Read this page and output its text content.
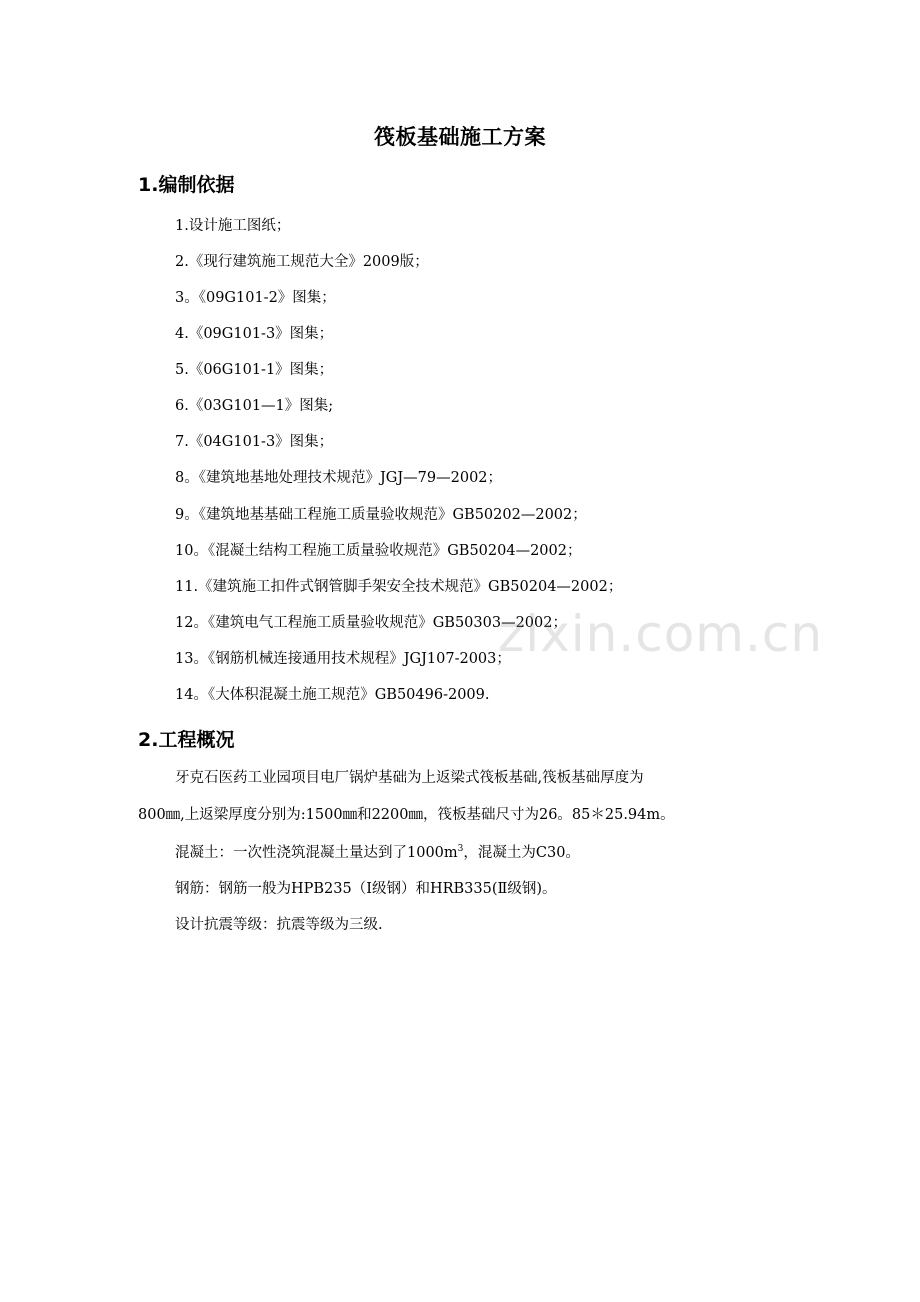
筏板基础施工方案
1.编制依据
1.设计施工图纸；
2.《现行建筑施工规范大全》2009版；
3。《09G101-2》图集；
4.《09G101-3》图集；
5.《06G101-1》图集；
6.《03G101—1》图集;
7.《04G101-3》图集；
8。《建筑地基地处理技术规范》JGJ—79—2002；
9。《建筑地基基础工程施工质量验收规范》GB50202—2002；
10。《混凝土结构工程施工质量验收规范》GB50204—2002；
11.《建筑施工扣件式钢管脚手架安全技术规范》GB50204—2002；
12。《建筑电气工程施工质量验收规范》GB50303—2002；
13。《钢筋机械连接通用技术规程》JGJ107-2003；
14。《大体积混凝土施工规范》GB50496-2009.
2.工程概况
牙克石医药工业园项目电厂锅炉基础为上返梁式筏板基础,筏板基础厚度为
800㎜,上返梁厚度分别为:1500㎜和2200㎜，筏板基础尺寸为26。85＊25.94m。
混凝土：一次性浇筑混凝土量达到了$1000m^3$，混凝土为C30。
钢筋：钢筋一般为HPB235（Ⅰ级钢）和HRB335(Ⅱ级钢)。
设计抗震等级：抗震等级为三级.
zixin.com.cn
